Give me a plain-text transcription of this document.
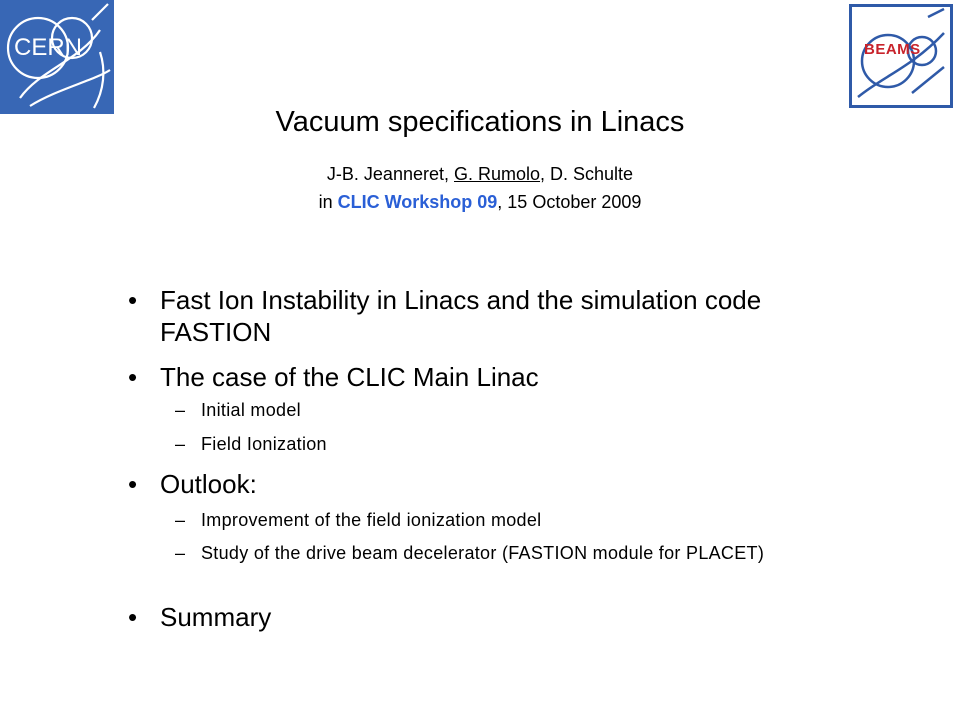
CERN	BEAMS
Vacuum specifications in Linacs
J-B. Jeanneret, G. Rumolo, D. Schulte
in CLIC Workshop 09, 15 October 2009
• Fast Ion Instability in Linacs and the simulation code FASTION
• The case of the CLIC Main Linac
– Initial model
– Field Ionization
• Outlook:
– Improvement of the field ionization model
– Study of the drive beam decelerator (FASTION module for PLACET)
• Summary
